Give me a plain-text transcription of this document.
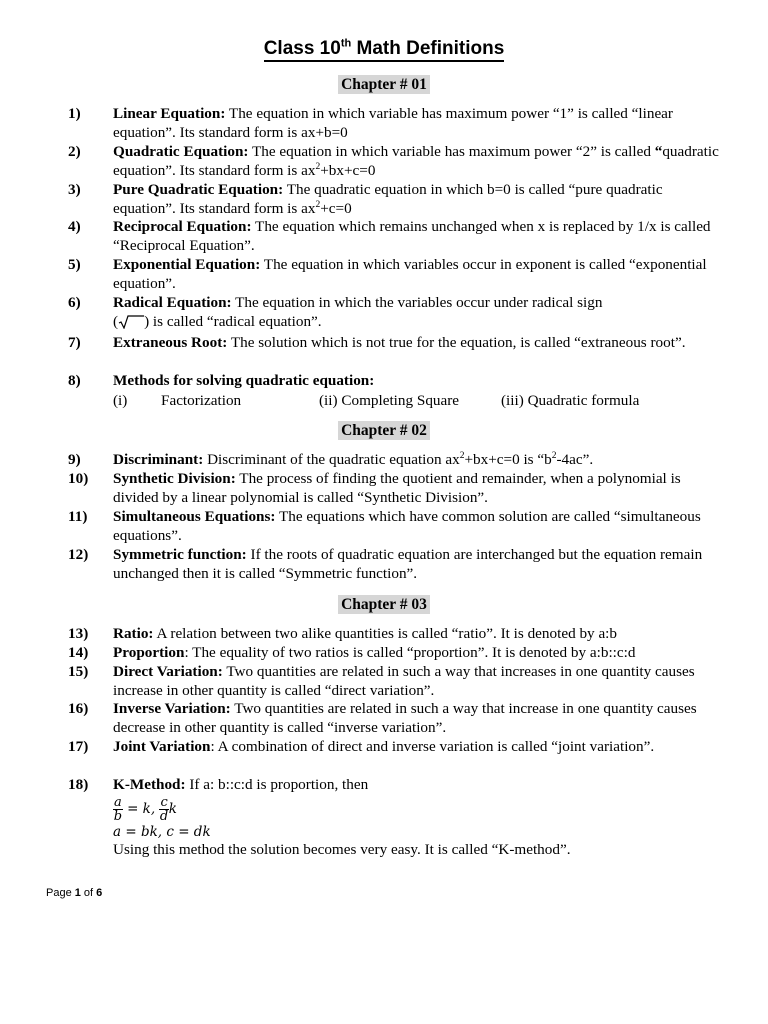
Class 10th Math Definitions
Chapter # 01
1)	Linear Equation: The equation in which variable has maximum power “1” is called “linear equation”. Its standard form is ax+b=0
2)	Quadratic Equation: The equation in which variable has maximum power “2” is called “quadratic equation”. Its standard form is $ax^2+bx+c=0$
3)	Pure Quadratic Equation: The quadratic equation in which b=0 is called “pure quadratic equation”. Its standard form is $ax^2+c=0$
4)	Reciprocal Equation: The equation which remains unchanged when x is replaced by 1/x is called “Reciprocal Equation”.
5)	Exponential Equation: The equation in which variables occur in exponent is called “exponential equation”.
6)	Radical Equation: The equation in which the variables occur under radical sign
( ) is called “radical equation”.
7)	Extraneous Root: The solution which is not true for the equation, is called “extraneous root”.
8)	Methods for solving quadratic equation:
(i)	Factorization	(ii) Completing Square	(iii) Quadratic formula
Chapter # 02
9)	Discriminant: Discriminant of the quadratic equation $ax^2+bx+c=0$ is “$b^2-4ac$”.
10)	Synthetic Division: The process of finding the quotient and remainder, when a polynomial is divided by a linear polynomial is called “Synthetic Division”.
11)	Simultaneous Equations: The equations which have common solution are called “simultaneous equations”.
12)	Symmetric function: If the roots of quadratic equation are interchanged but the equation remain unchanged then it is called “Symmetric function”.
Chapter # 03
13)	Ratio: A relation between two alike quantities is called “ratio”. It is denoted by a:b
14)	Proportion: The equality of two ratios is called “proportion”. It is denoted by a:b::c:d
15)	Direct Variation: Two quantities are related in such a way that increases in one quantity causes increase in other quantity is called “direct variation”.
16)	Inverse Variation: Two quantities are related in such a way that increase in one quantity causes decrease in other quantity is called “inverse variation”.
17)	Joint Variation: A combination of direct and inverse variation is called “joint variation”.
18)	K-Method: If a: b::c:d is proportion, then
$\frac{a}{b} = k$, $\frac{c}{d}$ k
a = bk, c = dk
Using this method the solution becomes very easy. It is called “K-method”.
Page 1 of 6
